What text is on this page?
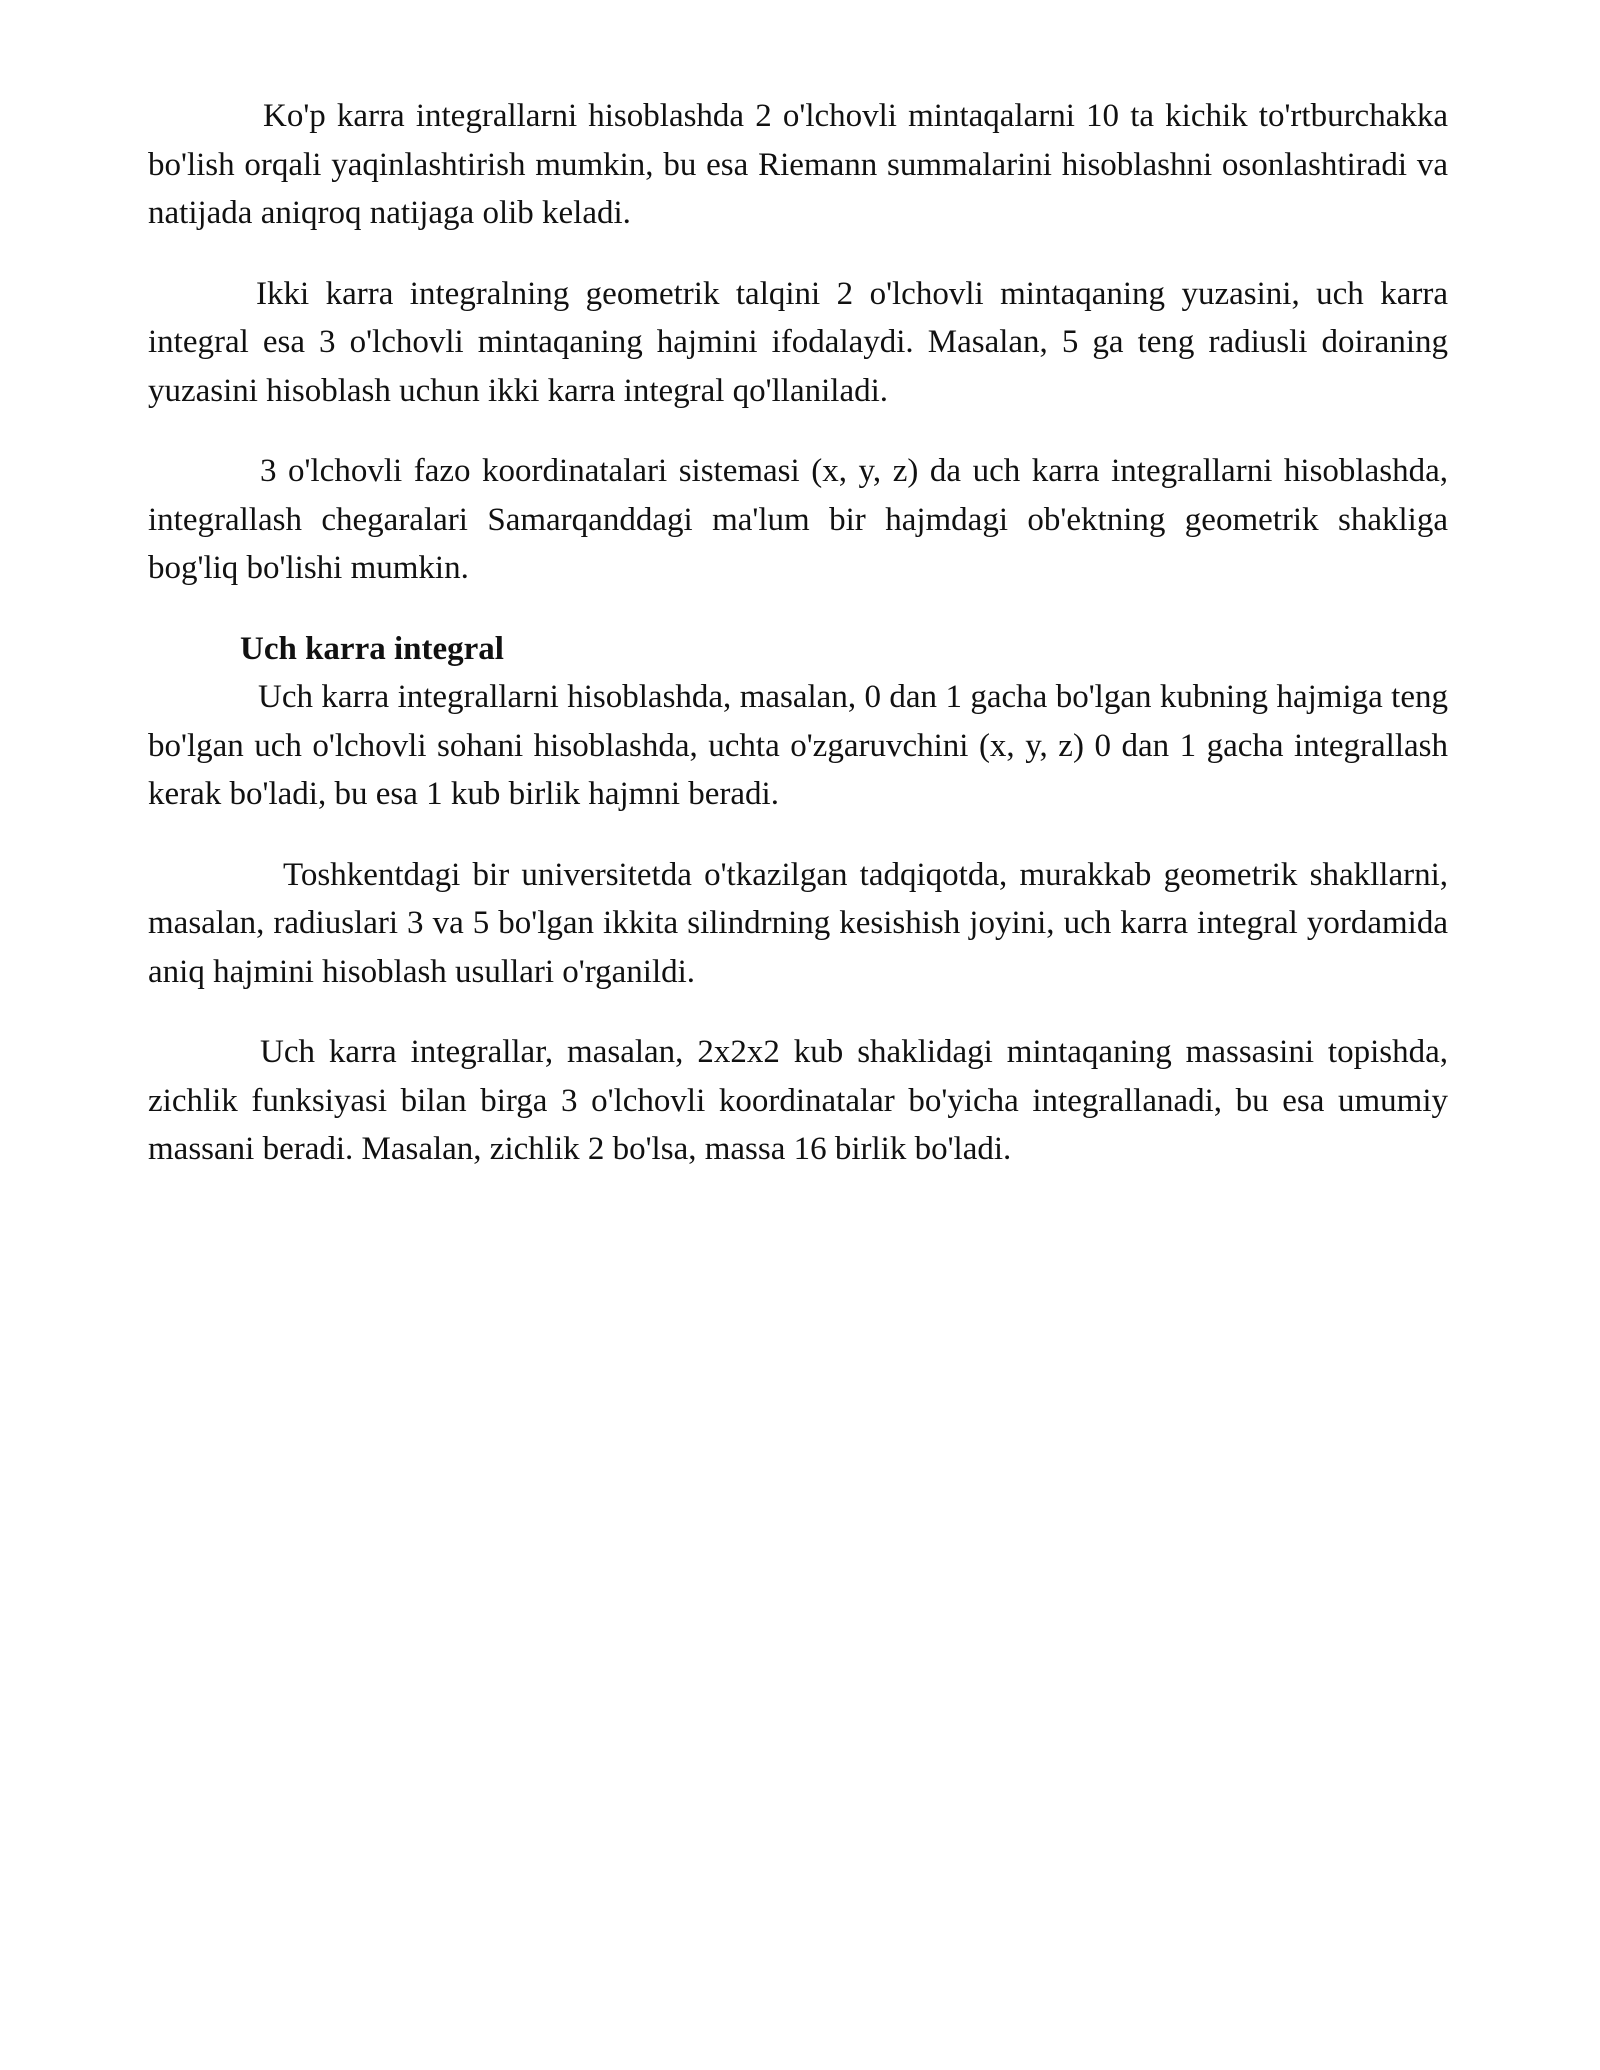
Ko'p karra integrallarni hisoblashda 2 o'lchovli mintaqalarni 10 ta kichik to'rtburchakka bo'lish orqali yaqinlashtirish mumkin, bu esa Riemann summalarini hisoblashni osonlashtiradi va natijada aniqroq natijaga olib keladi.

Ikki karra integralning geometrik talqini 2 o'lchovli mintaqaning yuzasini, uch karra integral esa 3 o'lchovli mintaqaning hajmini ifodalaydi. Masalan, 5 ga teng radiusli doiraning yuzasini hisoblash uchun ikki karra integral qo'llaniladi.

3 o'lchovli fazo koordinatalari sistemasi (x, y, z) da uch karra integrallarni hisoblashda, integrallash chegaralari Samarqanddagi ma'lum bir hajmdagi ob'ektning geometrik shakliga bog'liq bo'lishi mumkin.

Uch karra integral

Uch karra integrallarni hisoblashda, masalan, 0 dan 1 gacha bo'lgan kubning hajmiga teng bo'lgan uch o'lchovli sohani hisoblashda, uchta o'zgaruvchini (x, y, z) 0 dan 1 gacha integrallash kerak bo'ladi, bu esa 1 kub birlik hajmni beradi.

Toshkentdagi bir universitetda o'tkazilgan tadqiqotda, murakkab geometrik shakllarni, masalan, radiuslari 3 va 5 bo'lgan ikkita silindrning kesishish joyini, uch karra integral yordamida aniq hajmini hisoblash usullari o'rganildi.

Uch karra integrallar, masalan, 2x2x2 kub shaklidagi mintaqaning massasini topishda, zichlik funksiyasi bilan birga 3 o'lchovli koordinatalar bo'yicha integrallanadi, bu esa umumiy massani beradi. Masalan, zichlik 2 bo'lsa, massa 16 birlik bo'ladi.
